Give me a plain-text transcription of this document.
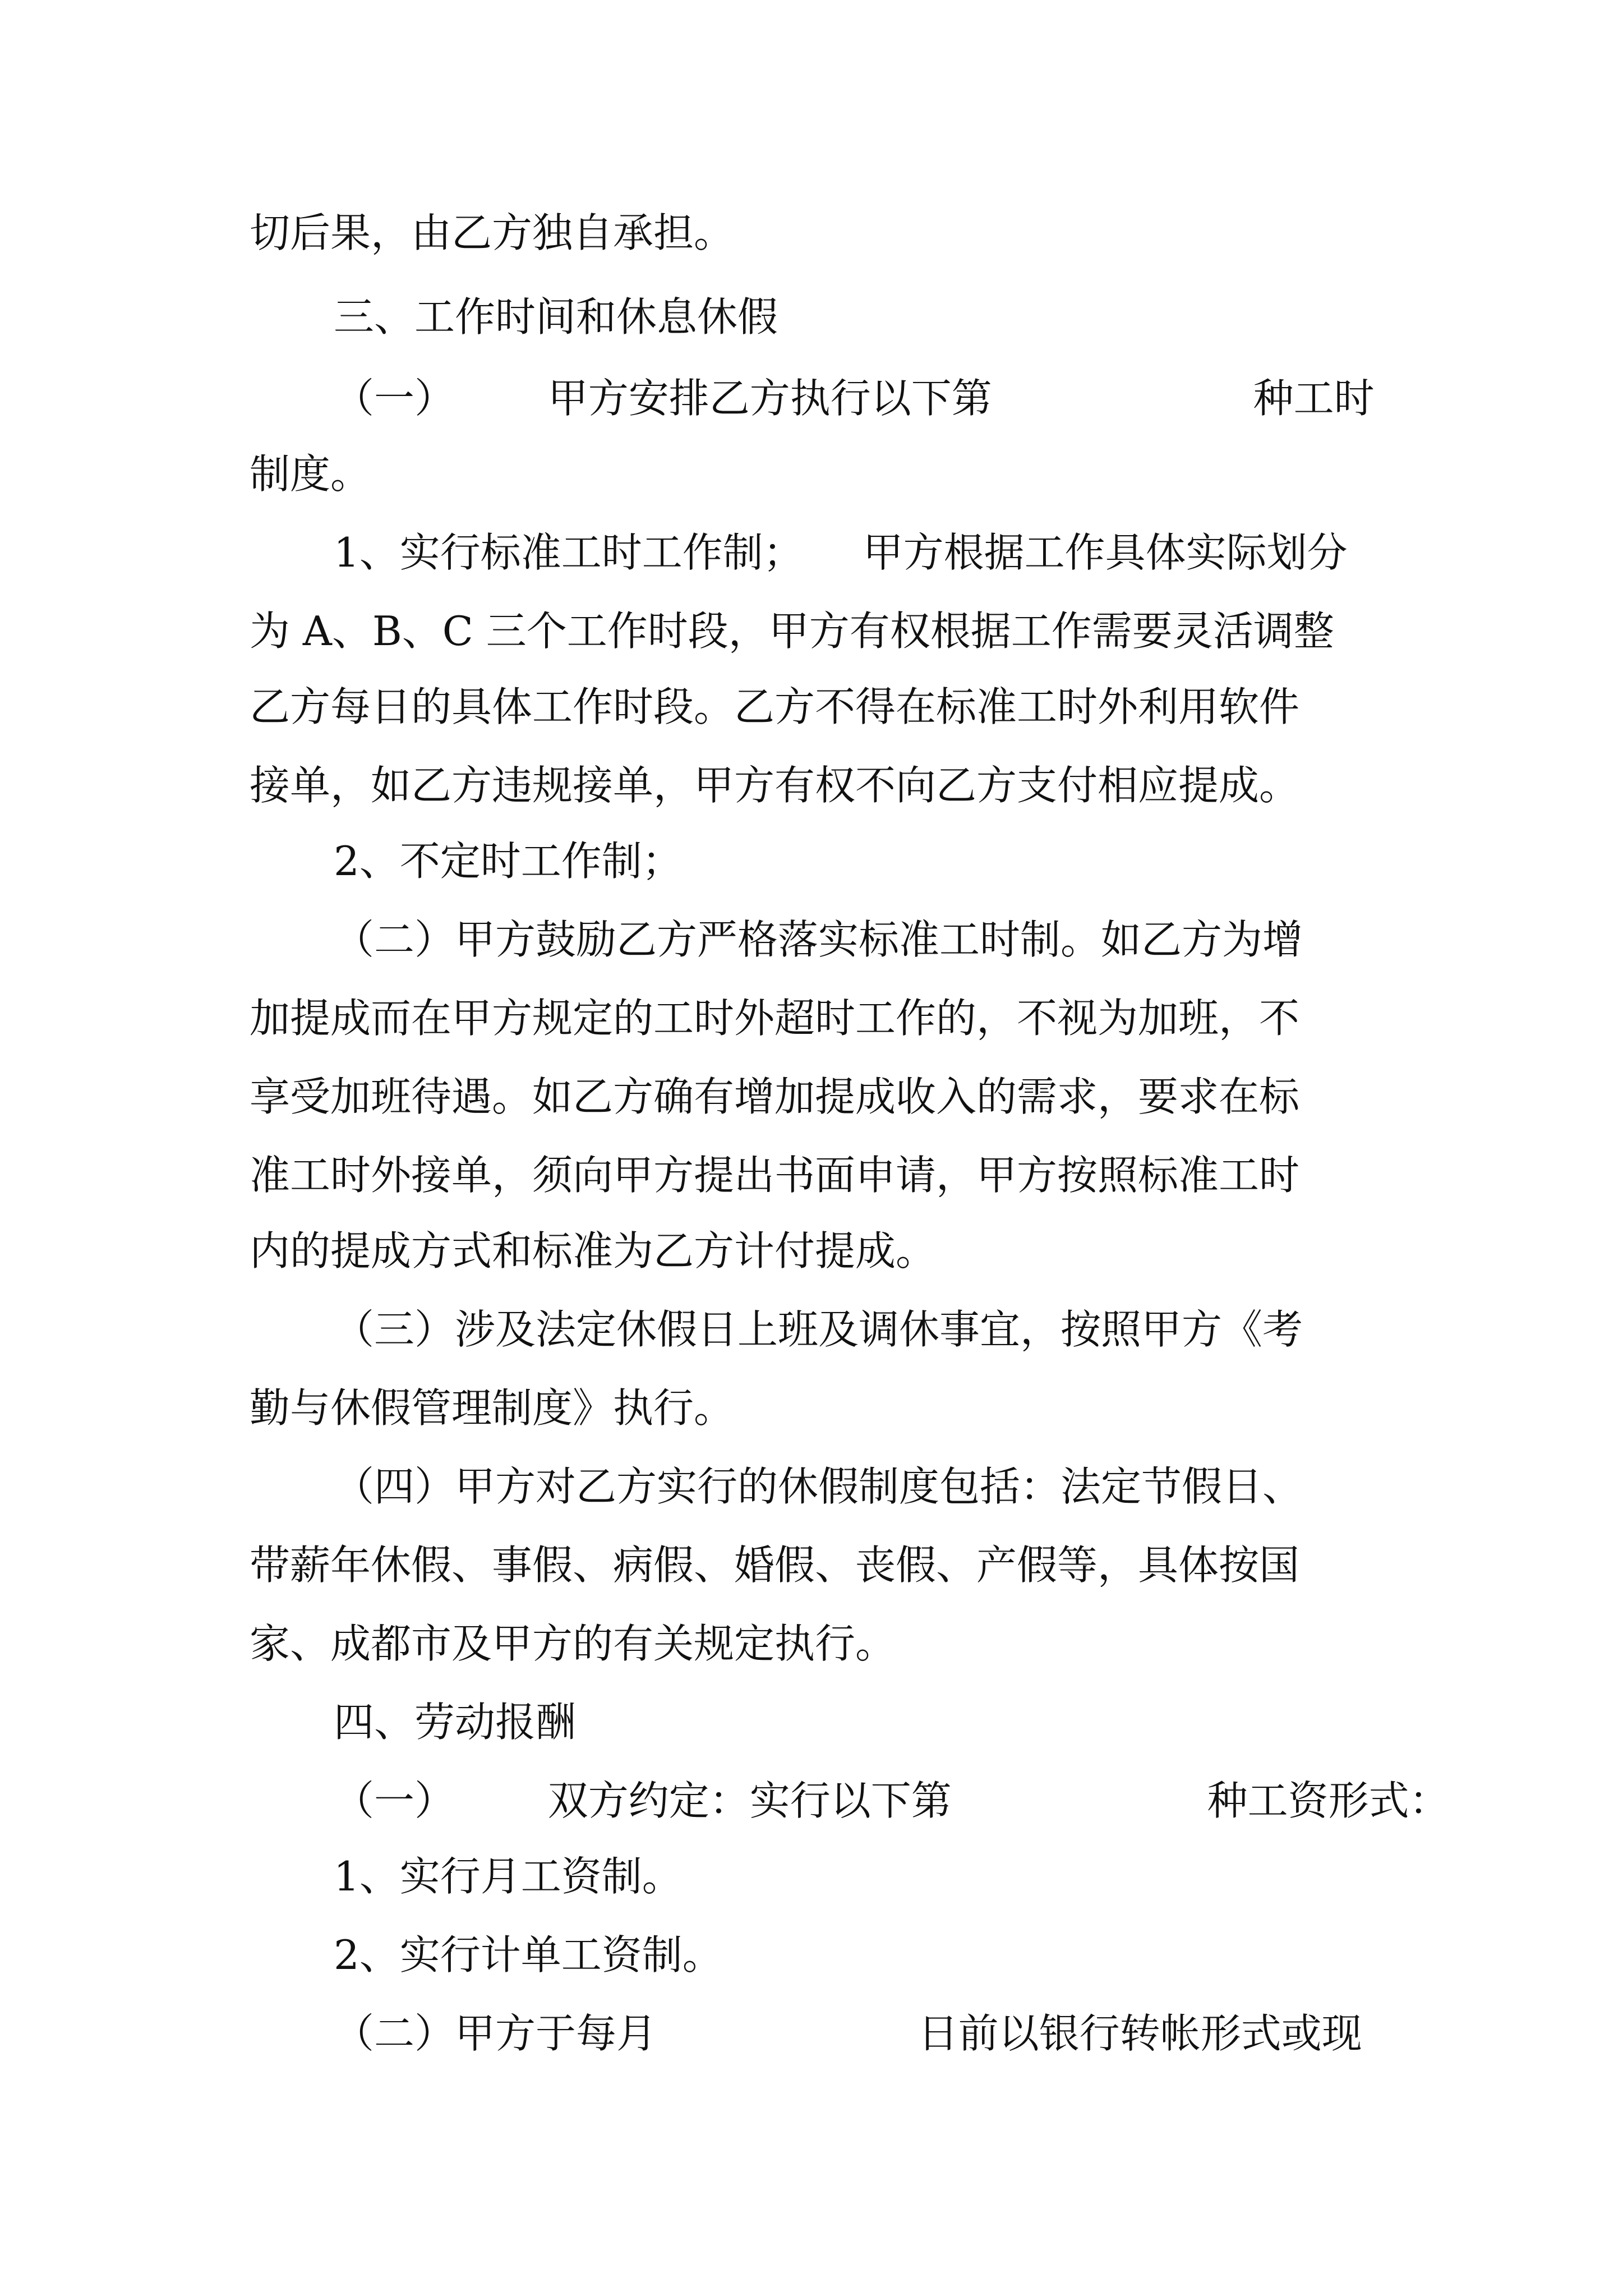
切后果，由乙方独自承担。
三、工作时间和休息休假
（一） 甲方安排乙方执行以下第	种工时
制度。
1、实行标准工时工作制； 甲方根据工作具体实际划分
为 A、B、C 三个工作时段，甲方有权根据工作需要灵活调整
乙方每日的具体工作时段。乙方不得在标准工时外利用软件
接单，如乙方违规接单，甲方有权不向乙方支付相应提成。
2、不定时工作制；
（二）甲方鼓励乙方严格落实标准工时制。如乙方为增
加提成而在甲方规定的工时外超时工作的，不视为加班，不
享受加班待遇。如乙方确有增加提成收入的需求，要求在标
准工时外接单，须向甲方提出书面申请，甲方按照标准工时
内的提成方式和标准为乙方计付提成。
（三）涉及法定休假日上班及调休事宜，按照甲方《考
勤与休假管理制度》执行。
（四）甲方对乙方实行的休假制度包括：法定节假日、
带薪年休假、事假、病假、婚假、丧假、产假等，具体按国
家、成都市及甲方的有关规定执行。
四、劳动报酬
（一） 双方约定：实行以下第	种工资形式：
1、实行月工资制。
2、实行计单工资制。
（二）甲方于每月	日前以银行转帐形式或现
